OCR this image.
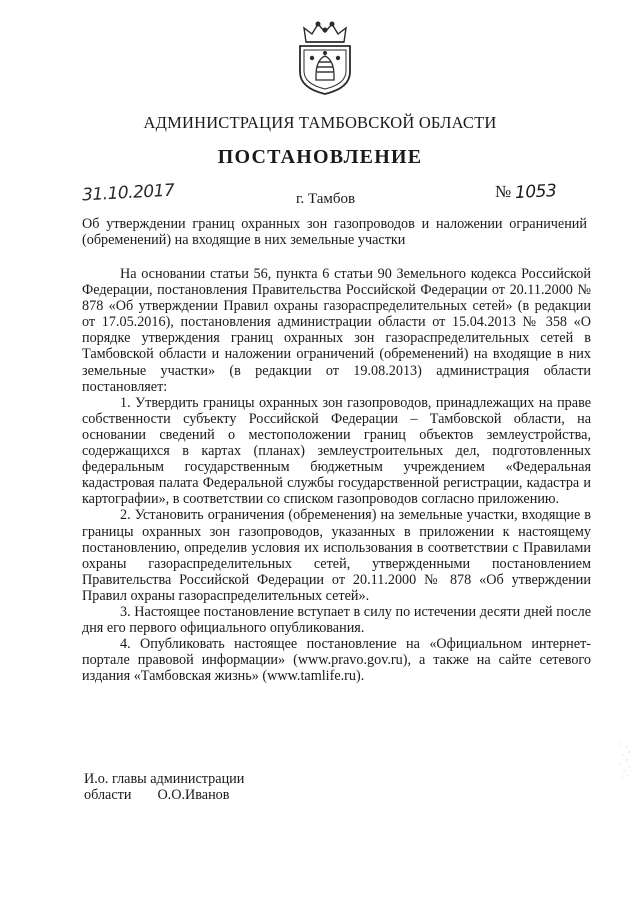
АДМИНИСТРАЦИЯ ТАМБОВСКОЙ ОБЛАСТИ
ПОСТАНОВЛЕНИЕ
31.10.2017	г. Тамбов	№ 1053

Об утверждении границ охранных зон газопроводов и наложении ограничений (обременений) на входящие в них земельные участки

На основании статьи 56, пункта 6 статьи 90 Земельного кодекса Российской Федерации, постановления Правительства Российской Федерации от 20.11.2000 № 878 «Об утверждении Правил охраны газораспределительных сетей» (в редакции от 17.05.2016), постановления администрации области от 15.04.2013 № 358 «О порядке утверждения границ охранных зон газораспределительных сетей в Тамбовской области и наложении ограничений (обременений) на входящие в них земельные участки» (в редакции от 19.08.2013) администрация области постановляет:

1. Утвердить границы охранных зон газопроводов, принадлежащих на праве собственности субъекту Российской Федерации – Тамбовской области, на основании сведений о местоположении границ объектов землеустройства, содержащихся в картах (планах) землеустроительных дел, подготовленных федеральным государственным бюджетным учреждением «Федеральная кадастровая палата Федеральной службы государственной регистрации, кадастра и картографии», в соответствии со списком газопроводов согласно приложению.

2. Установить ограничения (обременения) на земельные участки, входящие в границы охранных зон газопроводов, указанных в приложении к настоящему постановлению, определив условия их использования в соответствии с Правилами охраны газораспределительных сетей, утвержденными постановлением Правительства Российской Федерации от 20.11.2000 № 878 «Об утверждении Правил охраны газораспределительных сетей».

3. Настоящее постановление вступает в силу по истечении десяти дней после дня его первого официального опубликования.

4. Опубликовать настоящее постановление на «Официальном интернет-портале правовой информации» (www.pravo.gov.ru), а также на сайте сетевого издания «Тамбовская жизнь» (www.tamlife.ru).

И.о. главы администрации
области О.О.Иванов
